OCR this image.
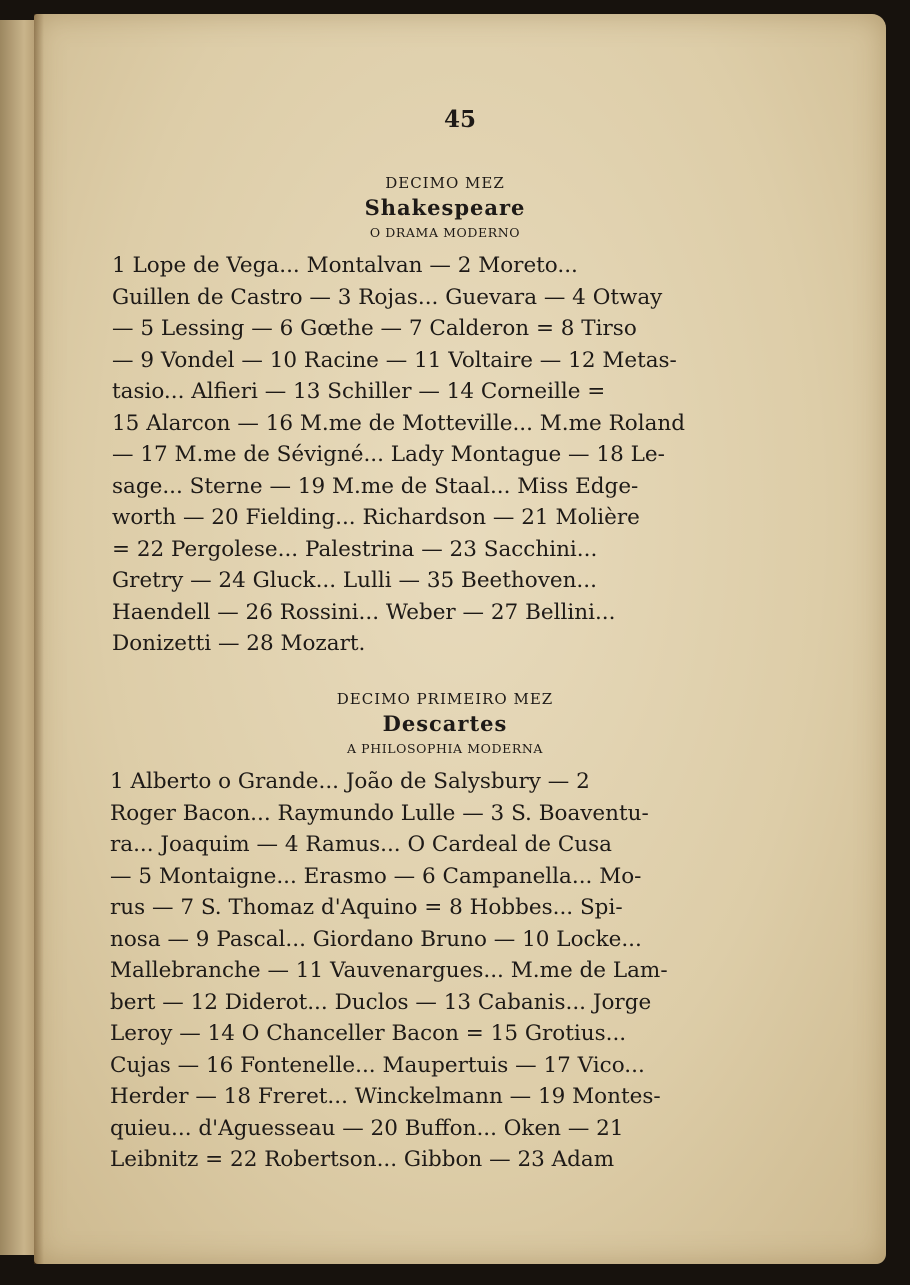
45
DECIMO MEZ
Shakespeare
O DRAMA MODERNO
1 Lope de Vega... Montalvan — 2 Moreto...
Guillen de Castro — 3 Rojas... Guevara — 4 Otway
— 5 Lessing — 6 Gœthe — 7 Calderon = 8 Tirso
— 9 Vondel — 10 Racine — 11 Voltaire — 12 Metas-
tasio... Alfieri — 13 Schiller — 14 Corneille =
15 Alarcon — 16 M.me de Motteville... M.me Roland
— 17 M.me de Sévigné... Lady Montague — 18 Le-
sage... Sterne — 19 M.me de Staal... Miss Edge-
worth — 20 Fielding... Richardson — 21 Molière
= 22 Pergolese... Palestrina — 23 Sacchini...
Gretry — 24 Gluck... Lulli — 35 Beethoven...
Haendell — 26 Rossini... Weber — 27 Bellini...
Donizetti — 28 Mozart.
DECIMO PRIMEIRO MEZ
Descartes
A PHILOSOPHIA MODERNA
1 Alberto o Grande... João de Salysbury — 2
Roger Bacon... Raymundo Lulle — 3 S. Boaventu-
ra... Joaquim — 4 Ramus... O Cardeal de Cusa
— 5 Montaigne... Erasmo — 6 Campanella... Mo-
rus — 7 S. Thomaz d'Aquino = 8 Hobbes... Spi-
nosa — 9 Pascal... Giordano Bruno — 10 Locke...
Mallebranche — 11 Vauvenargues... M.me de Lam-
bert — 12 Diderot... Duclos — 13 Cabanis... Jorge
Leroy — 14 O Chanceller Bacon = 15 Grotius...
Cujas — 16 Fontenelle... Maupertuis — 17 Vico...
Herder — 18 Freret... Winckelmann — 19 Montes-
quieu... d'Aguesseau — 20 Buffon... Oken — 21
Leibnitz = 22 Robertson... Gibbon — 23 Adam
